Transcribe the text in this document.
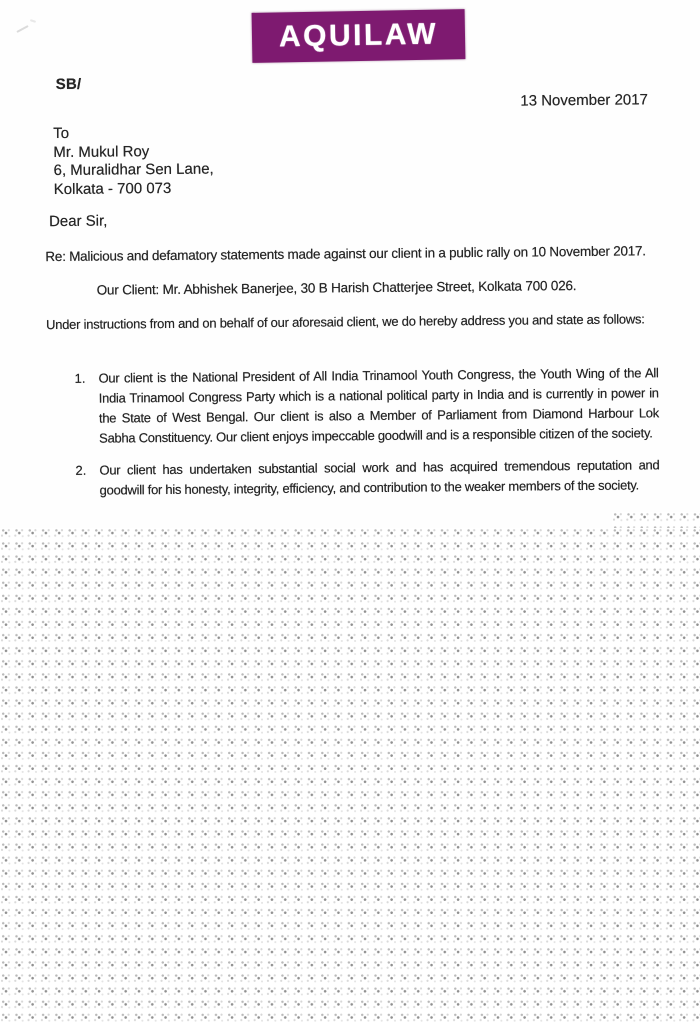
AQUILAW
SB/
13 November 2017
To
Mr. Mukul Roy
6, Muralidhar Sen Lane,
Kolkata - 700 073
Dear Sir,
Re: Malicious and defamatory statements made against our client in a public rally on 10 November 2017.
Our Client: Mr. Abhishek Banerjee, 30 B Harish Chatterjee Street, Kolkata 700 026.
Under instructions from and on behalf of our aforesaid client, we do hereby address you and state as follows:
1.	Our client is the National President of All India Trinamool Youth Congress, the Youth Wing of the All India Trinamool Congress Party which is a national political party in India and is currently in power in the State of West Bengal. Our client is also a Member of Parliament from Diamond Harbour Lok Sabha Constituency. Our client enjoys impeccable goodwill and is a responsible citizen of the society.
2.	Our client has undertaken substantial social work and has acquired tremendous reputation and goodwill for his honesty, integrity, efficiency, and contribution to the weaker members of the society.
